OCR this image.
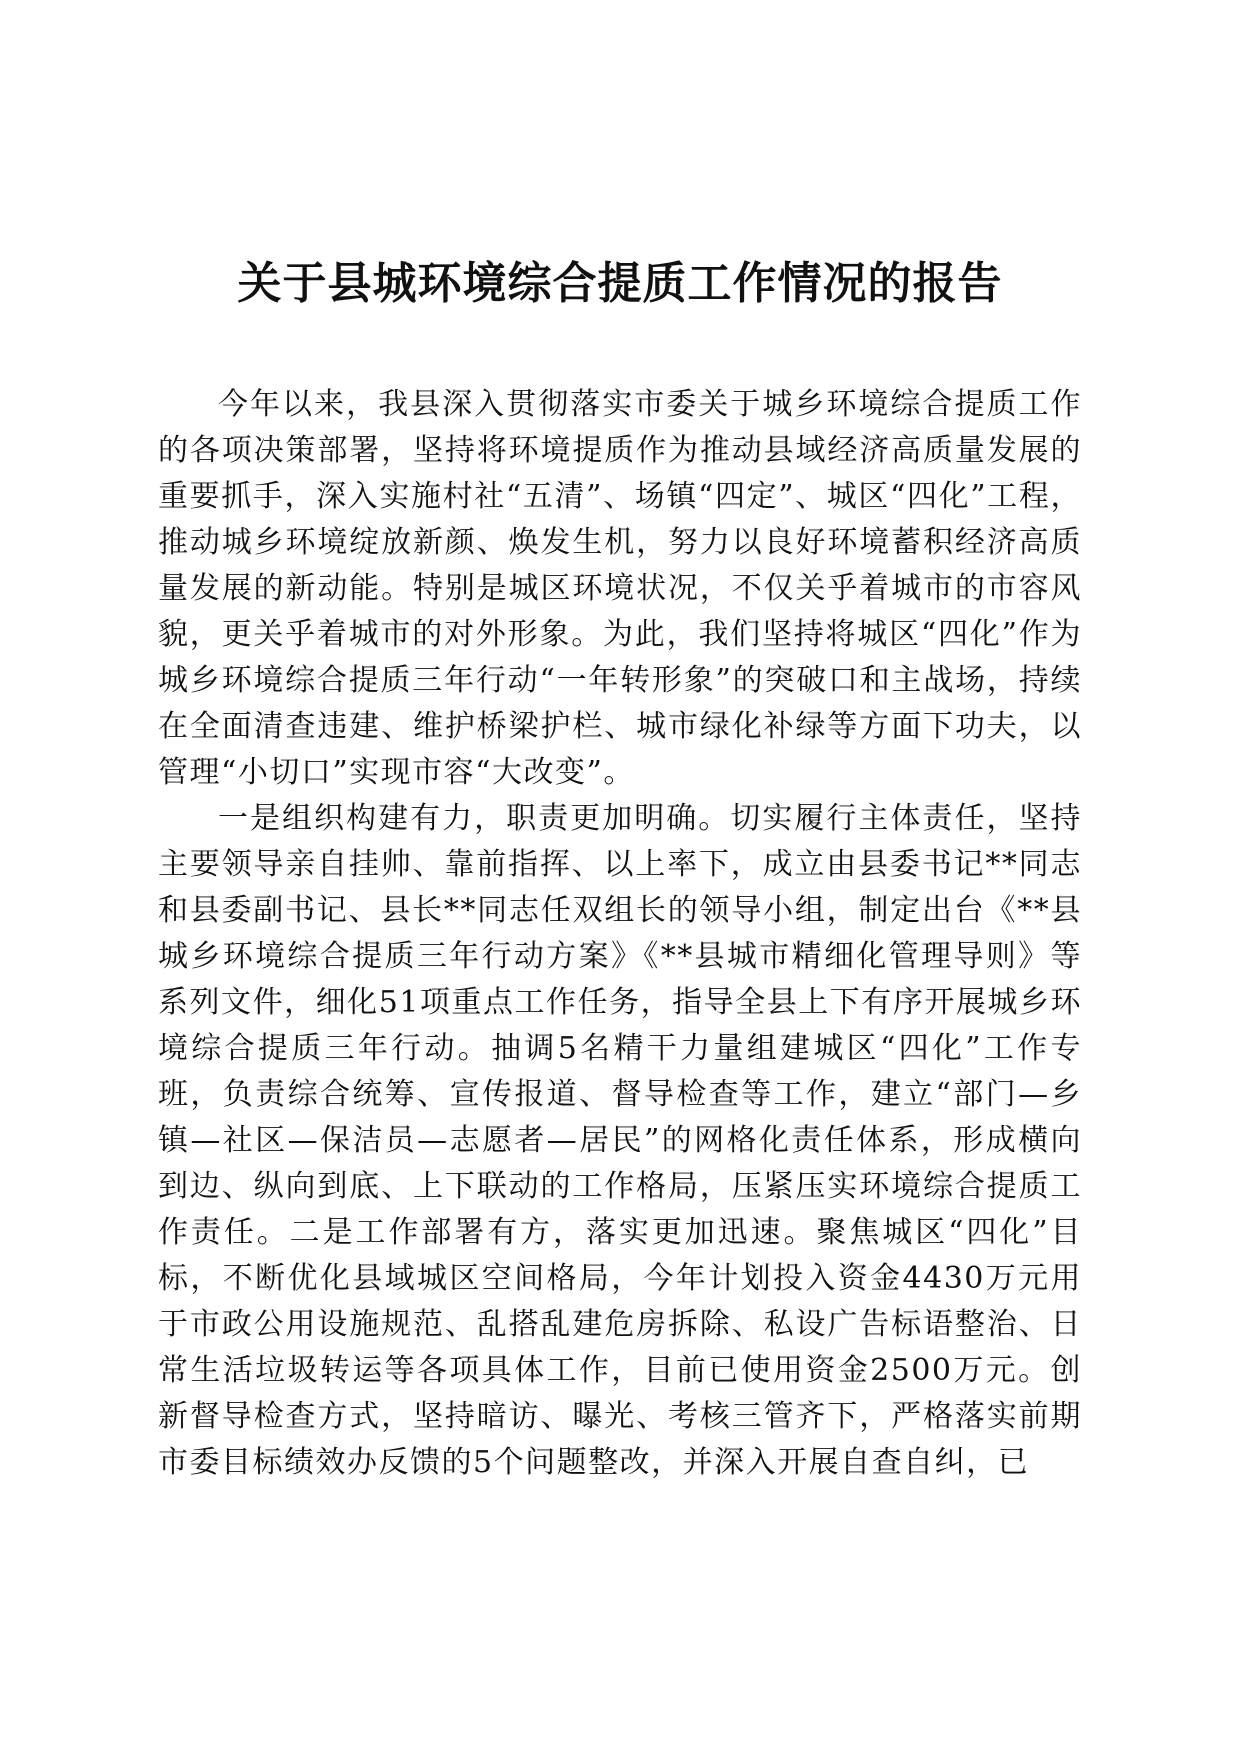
关于县城环境综合提质工作情况的报告

今年以来，我县深入贯彻落实市委关于城乡环境综合提质工作的各项决策部署，坚持将环境提质作为推动县域经济高质量发展的重要抓手，深入实施村社“五清”、场镇“四定”、城区“四化”工程，推动城乡环境绽放新颜、焕发生机，努力以良好环境蓄积经济高质量发展的新动能。特别是城区环境状况，不仅关乎着城市的市容风貌，更关乎着城市的对外形象。为此，我们坚持将城区“四化”作为城乡环境综合提质三年行动“一年转形象”的突破口和主战场，持续在全面清查违建、维护桥梁护栏、城市绿化补绿等方面下功夫，以管理“小切口”实现市容“大改变”。

一是组织构建有力，职责更加明确。切实履行主体责任，坚持主要领导亲自挂帅、靠前指挥、以上率下，成立由县委书记**同志和县委副书记、县长**同志任双组长的领导小组，制定出台《**县城乡环境综合提质三年行动方案》《**县城市精细化管理导则》等系列文件，细化51项重点工作任务，指导全县上下有序开展城乡环境综合提质三年行动。抽调5名精干力量组建城区“四化”工作专班，负责综合统筹、宣传报道、督导检查等工作，建立“部门—乡镇—社区—保洁员—志愿者—居民”的网格化责任体系，形成横向到边、纵向到底、上下联动的工作格局，压紧压实环境综合提质工作责任。二是工作部署有方，落实更加迅速。聚焦城区“四化”目标，不断优化县域城区空间格局，今年计划投入资金4430万元用于市政公用设施规范、乱搭乱建危房拆除、私设广告标语整治、日常生活垃圾转运等各项具体工作，目前已使用资金2500万元。创新督导检查方式，坚持暗访、曝光、考核三管齐下，严格落实前期市委目标绩效办反馈的5个问题整改，并深入开展自查自纠，已
